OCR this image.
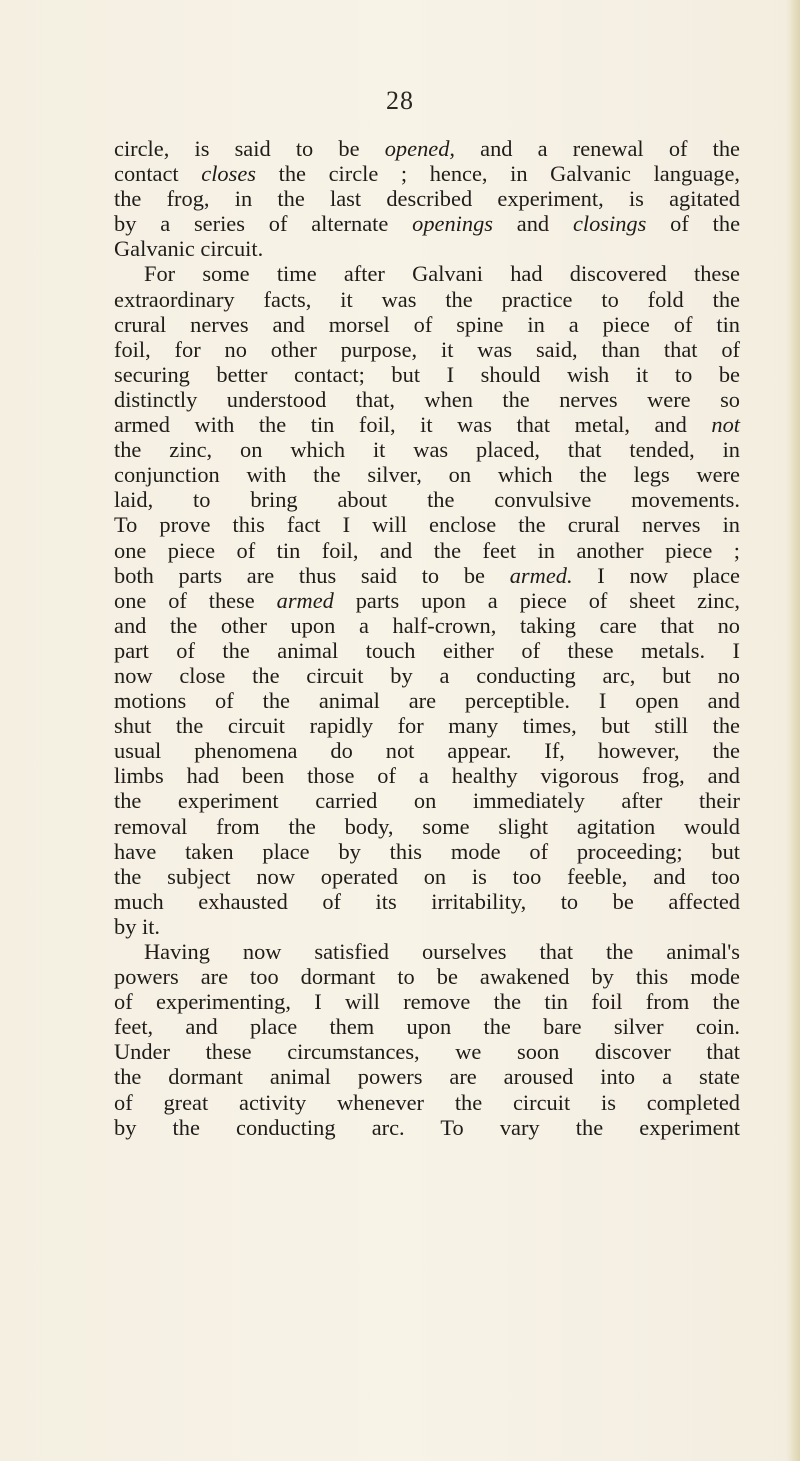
28
circle, is said to be opened, and a renewal of the
contact closes the circle ; hence, in Galvanic language,
the frog, in the last described experiment, is agitated
by a series of alternate openings and closings of the
Galvanic circuit.
For some time after Galvani had discovered these
extraordinary facts, it was the practice to fold the
crural nerves and morsel of spine in a piece of tin
foil, for no other purpose, it was said, than that of
securing better contact; but I should wish it to be
distinctly understood that, when the nerves were so
armed with the tin foil, it was that metal, and not
the zinc, on which it was placed, that tended, in
conjunction with the silver, on which the legs were
laid, to bring about the convulsive movements.
To prove this fact I will enclose the crural nerves in
one piece of tin foil, and the feet in another piece ;
both parts are thus said to be armed. I now place
one of these armed parts upon a piece of sheet zinc,
and the other upon a half-crown, taking care that no
part of the animal touch either of these metals. I
now close the circuit by a conducting arc, but no
motions of the animal are perceptible. I open and
shut the circuit rapidly for many times, but still the
usual phenomena do not appear. If, however, the
limbs had been those of a healthy vigorous frog, and
the experiment carried on immediately after their
removal from the body, some slight agitation would
have taken place by this mode of proceeding; but
the subject now operated on is too feeble, and too
much exhausted of its irritability, to be affected
by it.
Having now satisfied ourselves that the animal's
powers are too dormant to be awakened by this mode
of experimenting, I will remove the tin foil from the
feet, and place them upon the bare silver coin.
Under these circumstances, we soon discover that
the dormant animal powers are aroused into a state
of great activity whenever the circuit is completed
by the conducting arc. To vary the experiment
